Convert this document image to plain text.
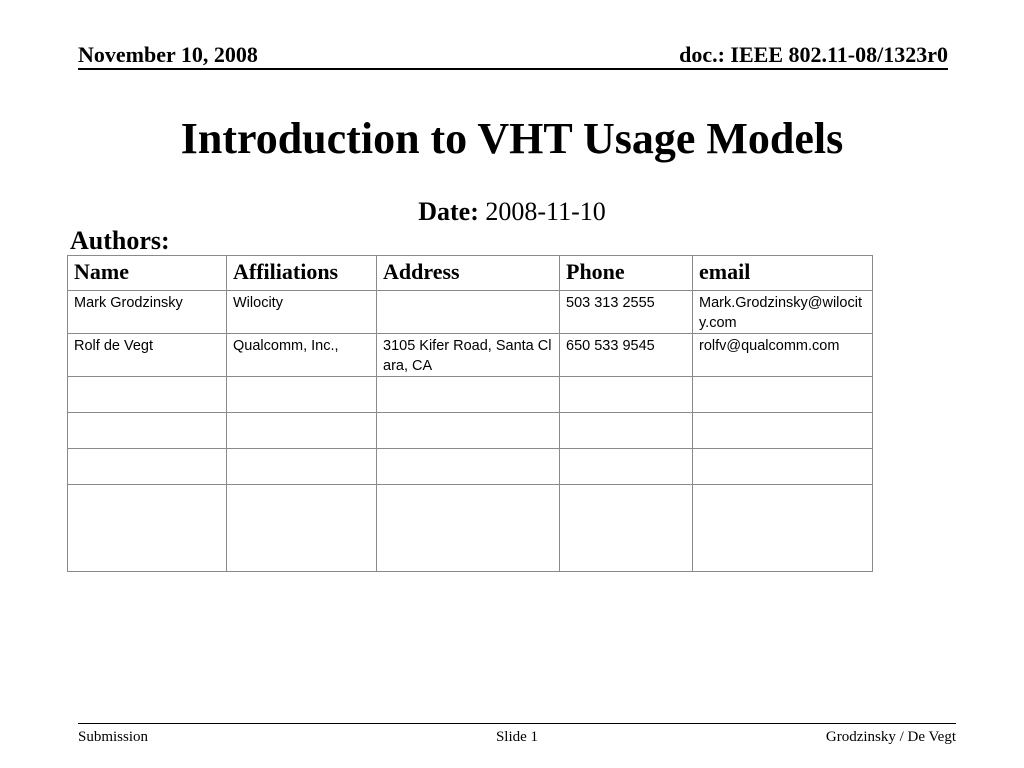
November 10, 2008	doc.: IEEE 802.11-08/1323r0
Introduction to VHT Usage Models
Date: 2008-11-10
Authors:
Name	Affiliations	Address	Phone	email
Mark Grodzinsky	Wilocity		503 313 2555	Mark.Grodzinsky@wilocity.com
Rolf de Vegt	Qualcomm, Inc.,	3105 Kifer Road, Santa Clara, CA	650 533 9545	rolfv@qualcomm.com

Submission	Slide 1	Grodzinsky / De Vegt
